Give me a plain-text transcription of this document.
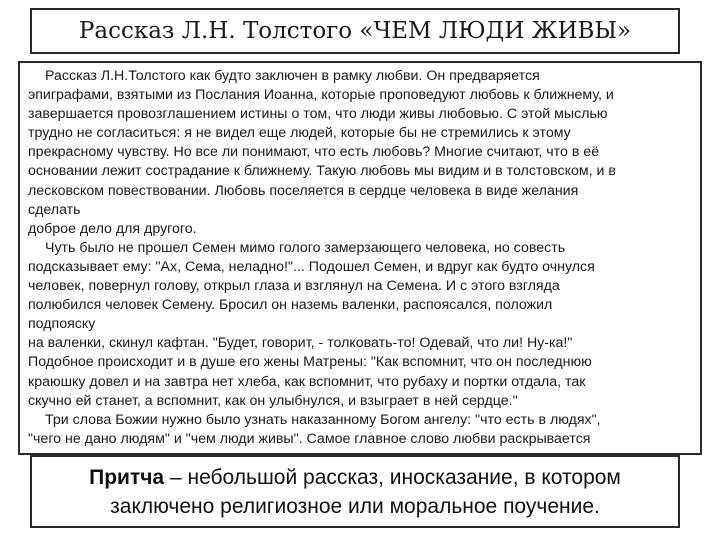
Рассказ Л.Н. Толстого «ЧЕМ ЛЮДИ ЖИВЫ»
Рассказ Л.Н.Толстого как будто заключен в рамку любви. Он предваряется
эпиграфами, взятыми из Послания Иоанна, которые проповедуют любовь к ближнему, и
завершается провозглашением истины о том, что люди живы любовью. С этой мыслью
трудно не согласиться: я не видел еще людей, которые бы не стремились к этому
прекрасному чувству. Но все ли понимают, что есть любовь? Многие считают, что в её
основании лежит сострадание к ближнему. Такую любовь мы видим и в толстовском, и в
лесковском повествовании. Любовь поселяется в сердце человека в виде желания
сделать
доброе дело для другого.
Чуть было не прошел Семен мимо голого замерзающего человека, но совесть
подсказывает ему: "Ах, Сема, неладно!"... Подошел Семен, и вдруг как будто очнулся
человек, повернул голову, открыл глаза и взглянул на Семена. И с этого взгляда
полюбился человек Семену. Бросил он наземь валенки, распоясался, положил
подпояску
на валенки, скинул кафтан. "Будет, говорит, - толковать-то! Одевай, что ли! Ну-ка!"
Подобное происходит и в душе его жены Матрены: "Как вспомнит, что он последнюю
краюшку довел и на завтра нет хлеба, как вспомнит, что рубаху и портки отдала, так
скучно ей станет, а вспомнит, как он улыбнулся, и взыграет в ней сердце."
Три слова Божии нужно было узнать наказанному Богом ангелу: "что есть в людях",
"чего не дано людям" и "чем люди живы". Самое главное слово любви раскрывается
Притча – небольшой рассказ, иносказание, в котором
заключено религиозное или моральное поучение.
